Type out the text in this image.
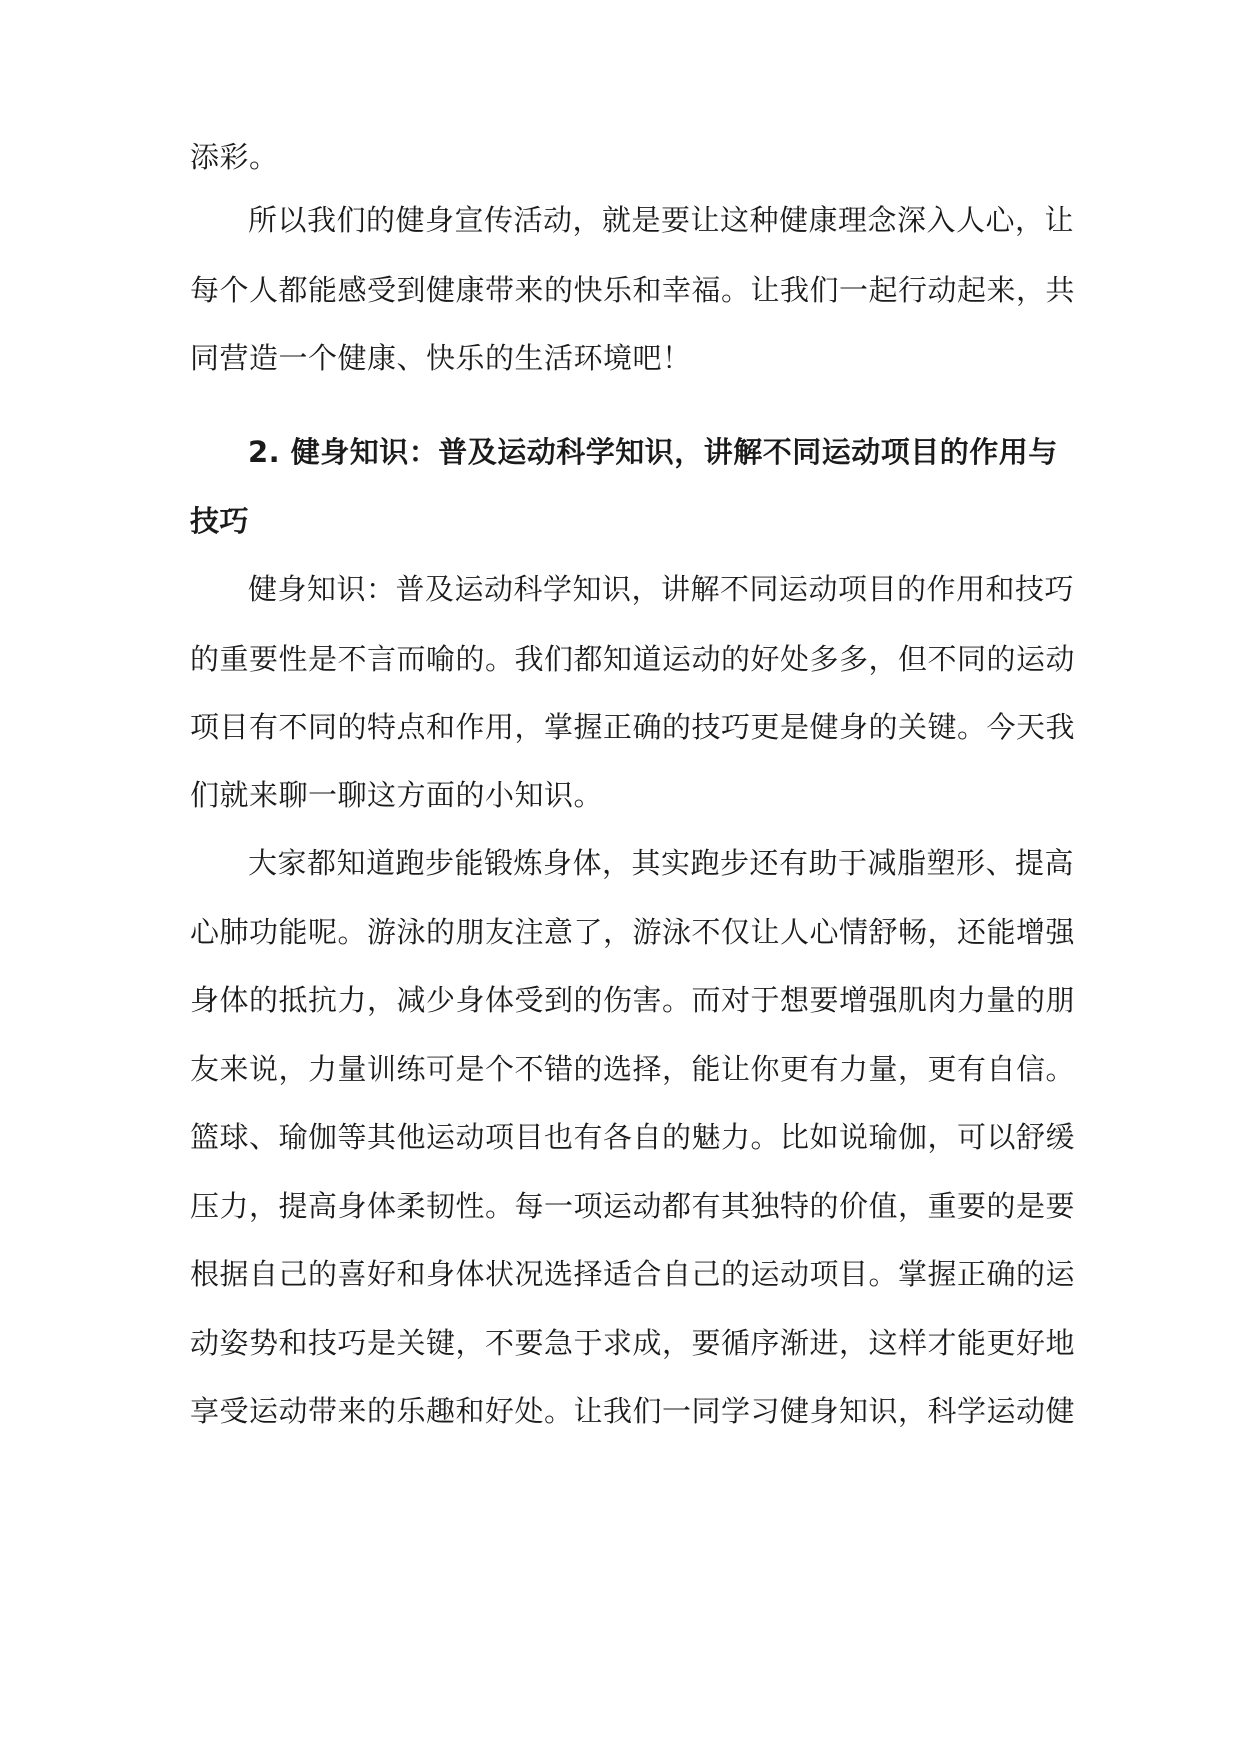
添彩。
所以我们的健身宣传活动，就是要让这种健康理念深入人心，让
每个人都能感受到健康带来的快乐和幸福。让我们一起行动起来，共
同营造一个健康、快乐的生活环境吧！
2. 健身知识：普及运动科学知识，讲解不同运动项目的作用与
技巧
健身知识：普及运动科学知识，讲解不同运动项目的作用和技巧
的重要性是不言而喻的。我们都知道运动的好处多多，但不同的运动
项目有不同的特点和作用，掌握正确的技巧更是健身的关键。今天我
们就来聊一聊这方面的小知识。
大家都知道跑步能锻炼身体，其实跑步还有助于减脂塑形、提高
心肺功能呢。游泳的朋友注意了，游泳不仅让人心情舒畅，还能增强
身体的抵抗力，减少身体受到的伤害。而对于想要增强肌肉力量的朋
友来说，力量训练可是个不错的选择，能让你更有力量，更有自信。
篮球、瑜伽等其他运动项目也有各自的魅力。比如说瑜伽，可以舒缓
压力，提高身体柔韧性。每一项运动都有其独特的价值，重要的是要
根据自己的喜好和身体状况选择适合自己的运动项目。掌握正确的运
动姿势和技巧是关键，不要急于求成，要循序渐进，这样才能更好地
享受运动带来的乐趣和好处。让我们一同学习健身知识，科学运动健
